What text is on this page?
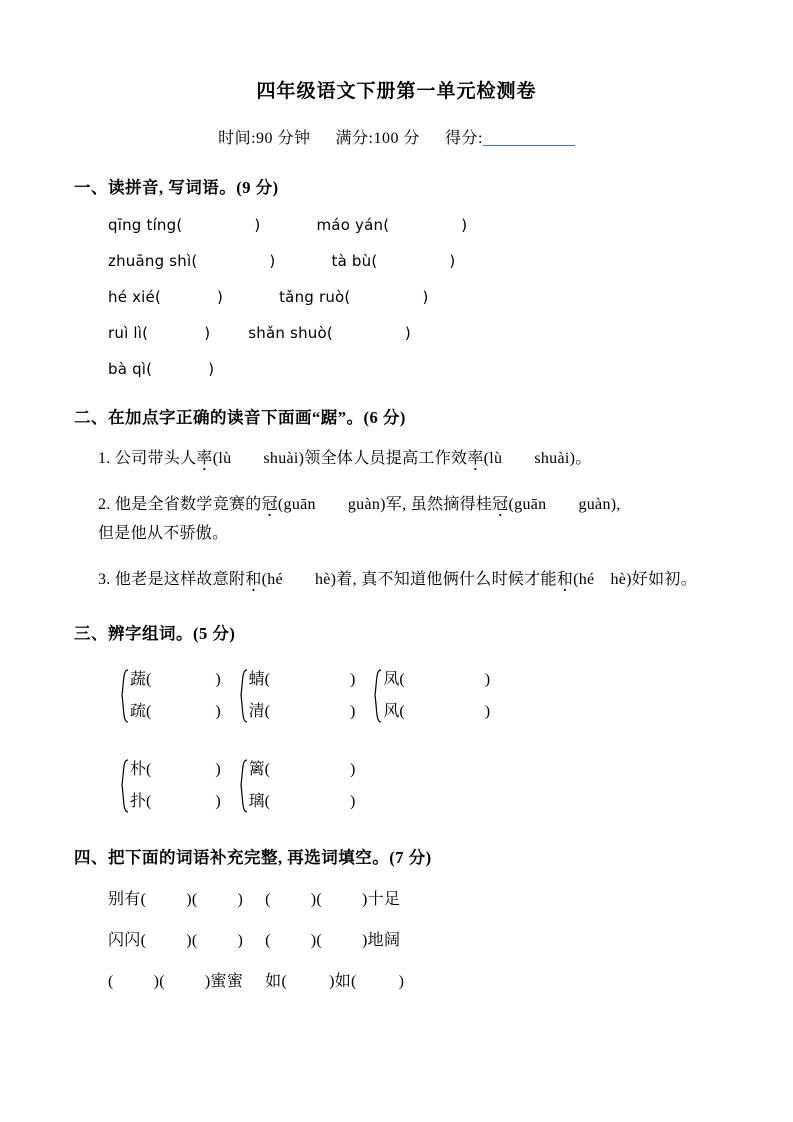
四年级语文下册第一单元检测卷
时间:90 分钟 满分:100 分 得分:
一、读拼音, 写词语。(9 分)
qīng tíng(	)	máo yán(	)
zhuāng shì(	)	tà bù(	)
hé xié(	)	tǎng ruò(	)
ruì lì(	)	shǎn shuò(	)
bà qì(	)
二、在加点字正确的读音下面画“踞”。(6 分)
1. 公司带头人率(lù shuài)领全体人员提高工作效率(lù shuài)。
2. 他是全省数学竞赛的冠(guān guàn)军, 虽然摘得桂冠(guān guàn),
但是他从不骄傲。
3. 他老是这样故意附和(hé hè)着, 真不知道他俩什么时候才能和(hé hè)好如初。
三、辨字组词。(5 分)
蔬(	)
疏(	)
蜻(	)
清(	)
凤(	)
风(	)
朴(	)
扑(	)
篱(	)
璃(	)
四、把下面的词语补充完整, 再选词填空。(7 分)
别有(	)(	) (	)(	)十足
闪闪(	)(	) (	)(	)地阔
(	)(	)蜜蜜 如(	)如(	)
